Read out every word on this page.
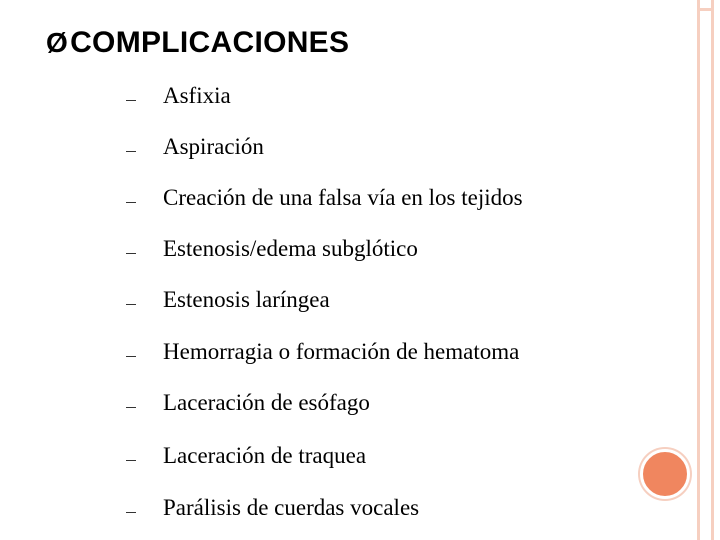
Ø COMPLICACIONES
Asfixia
Aspiración
Creación de una falsa vía en los tejidos
Estenosis/edema subglótico
Estenosis laríngea
Hemorragia o formación de hematoma
Laceración de esófago
Laceración de traquea
Parálisis de cuerdas vocales
